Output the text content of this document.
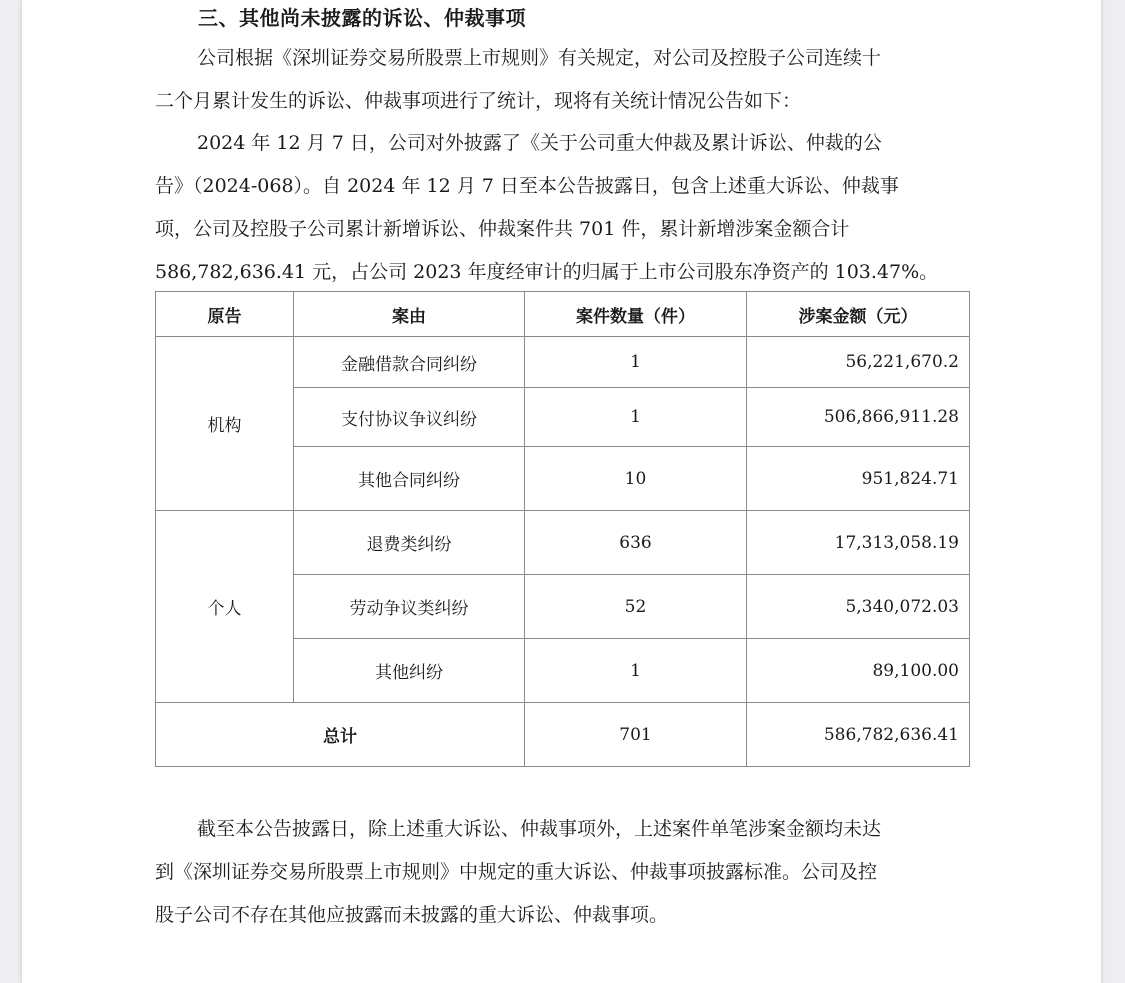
三、其他尚未披露的诉讼、仲裁事项
公司根据《深圳证券交易所股票上市规则》有关规定，对公司及控股子公司连续十
二个月累计发生的诉讼、仲裁事项进行了统计，现将有关统计情况公告如下：
2024 年 12 月 7 日，公司对外披露了《关于公司重大仲裁及累计诉讼、仲裁的公
告》（2024-068）。自 2024 年 12 月 7 日至本公告披露日，包含上述重大诉讼、仲裁事
项，公司及控股子公司累计新增诉讼、仲裁案件共 701 件，累计新增涉案金额合计
586,782,636.41 元，占公司 2023 年度经审计的归属于上市公司股东净资产的 103.47%。
原告	案由	案件数量（件）	涉案金额（元）
机构	金融借款合同纠纷	1	56,221,670.2
	支付协议争议纠纷	1	506,866,911.28
	其他合同纠纷	10	951,824.71
个人	退费类纠纷	636	17,313,058.19
	劳动争议类纠纷	52	5,340,072.03
	其他纠纷	1	89,100.00
总计		701	586,782,636.41
截至本公告披露日，除上述重大诉讼、仲裁事项外，上述案件单笔涉案金额均未达
到《深圳证券交易所股票上市规则》中规定的重大诉讼、仲裁事项披露标准。公司及控
股子公司不存在其他应披露而未披露的重大诉讼、仲裁事项。
